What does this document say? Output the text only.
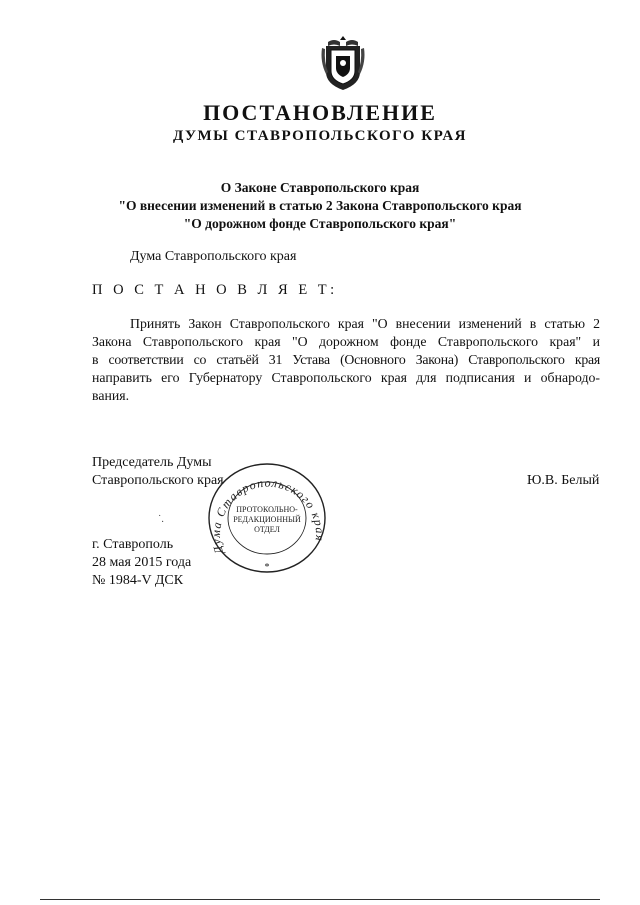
ПОСТАНОВЛЕНИЕ
ДУМЫ СТАВРОПОЛЬСКОГО КРАЯ
О Законе Ставропольского края
"О внесении изменений в статью 2 Закона Ставропольского края
"О дорожном фонде Ставропольского края"
Дума Ставропольского края
П О С Т А Н О В Л Я Е Т:
Принять Закон Ставропольского края "О внесении изменений в статью 2
Закона Ставропольского края "О дорожном фонде Ставропольского края" и
в соответствии со статьёй 31 Устава (Основного Закона) Ставропольского края
направить его Губернатору Ставропольского края для подписания и обнародо-
вания.
Председатель Думы
Ставропольского края	Ю.В. Белый
˙.
Дума Ставропольского края
ПРОТОКОЛЬНО-
РЕДАКЦИОННЫЙ
ОТДЕЛ
*
г. Ставрополь
28 мая 2015 года
№ 1984-V ДСК
